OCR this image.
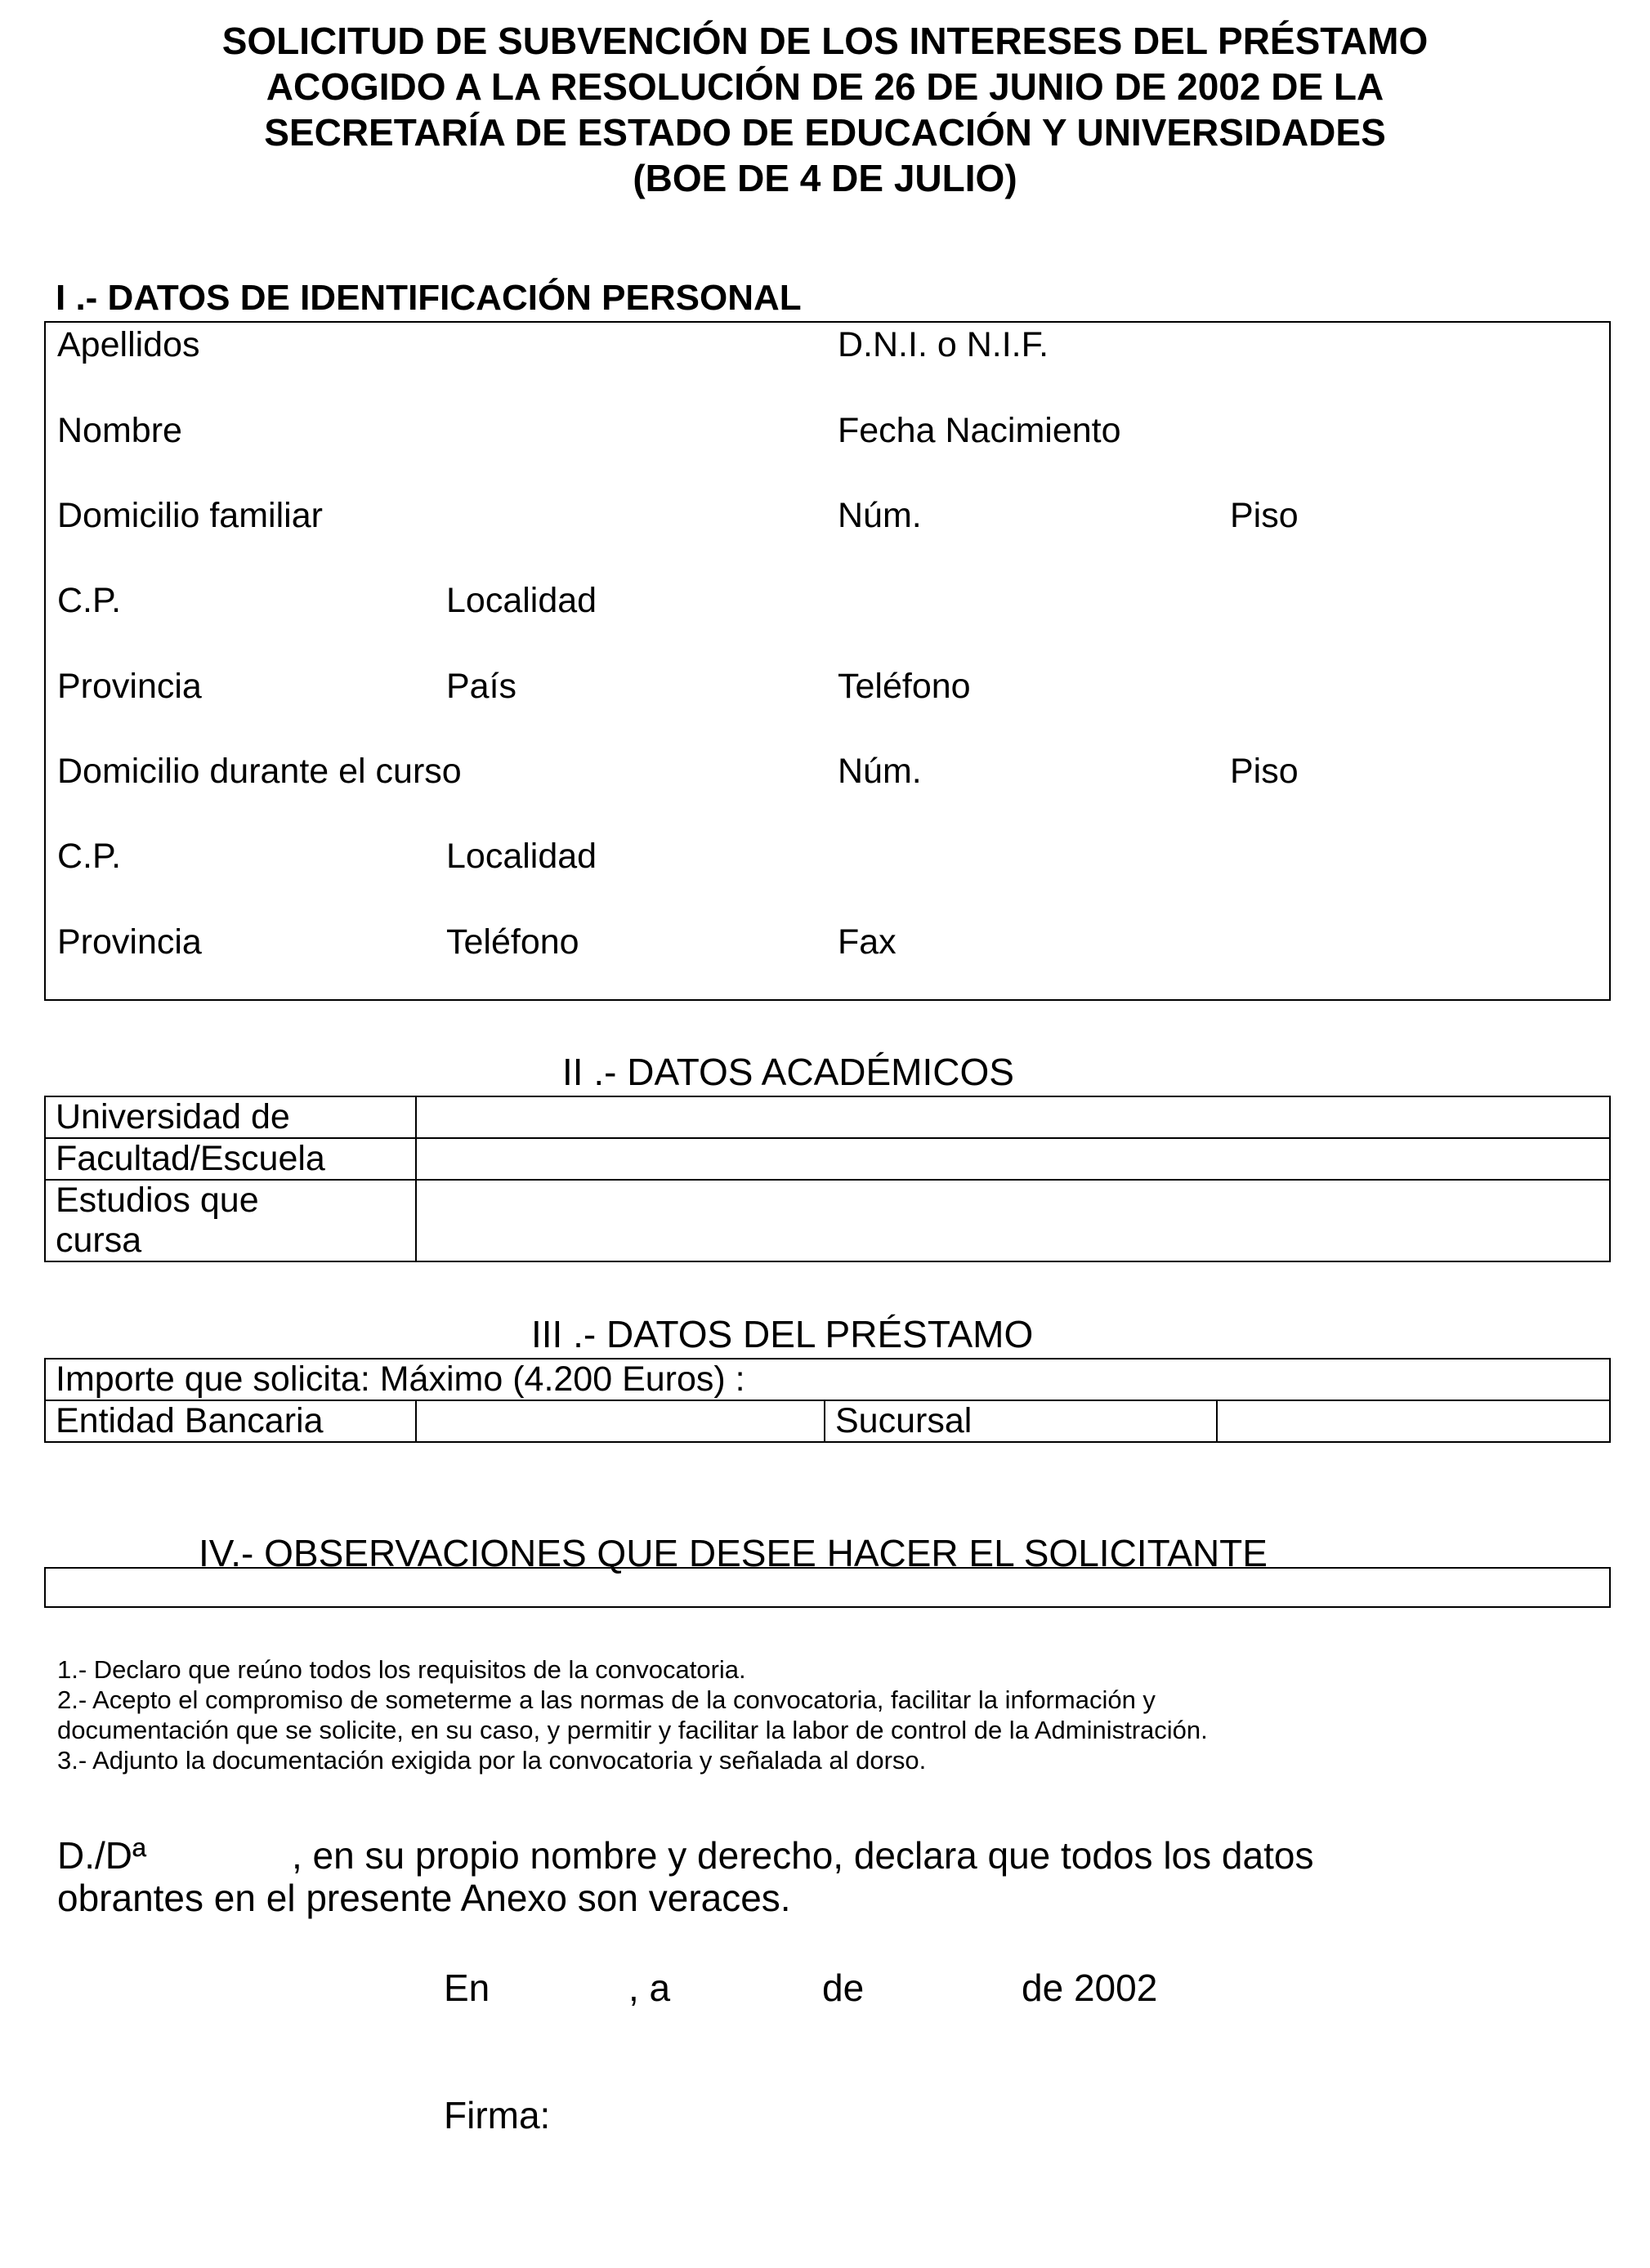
SOLICITUD DE SUBVENCIÓN DE LOS INTERESES DEL PRÉSTAMO
ACOGIDO A LA RESOLUCIÓN DE 26 DE JUNIO DE 2002 DE LA
SECRETARÍA DE ESTADO DE EDUCACIÓN Y UNIVERSIDADES
(BOE DE 4 DE JULIO)
I .- DATOS DE IDENTIFICACIÓN PERSONAL
Apellidos	D.N.I. o N.I.F.
Nombre	Fecha Nacimiento
Domicilio familiar	Núm.	Piso
C.P.	Localidad
Provincia	País	Teléfono
Domicilio durante el curso	Núm.	Piso
C.P.	Localidad
Provincia	Teléfono	Fax
II .- DATOS ACADÉMICOS
Universidad de	
Facultad/Escuela	

Estudios que
cursa	

III .- DATOS DEL PRÉSTAMO
Importe que solicita: Máximo (4.200 Euros) :
Entidad Bancaria		Sucursal	
IV.- OBSERVACIONES QUE DESEE HACER EL SOLICITANTE
1.- Declaro que reúno todos los requisitos de la convocatoria.
2.- Acepto el compromiso de someterme a las normas de la convocatoria, facilitar la información y
documentación que se solicite, en su caso, y permitir y facilitar la labor de control de la Administración.
3.- Adjunto la documentación exigida por la convocatoria y señalada al dorso.
D./Dª	, en su propio nombre y derecho, declara que todos los datos
obrantes en el presente Anexo son veraces.
En	, a	de	de 2002
Firma:
